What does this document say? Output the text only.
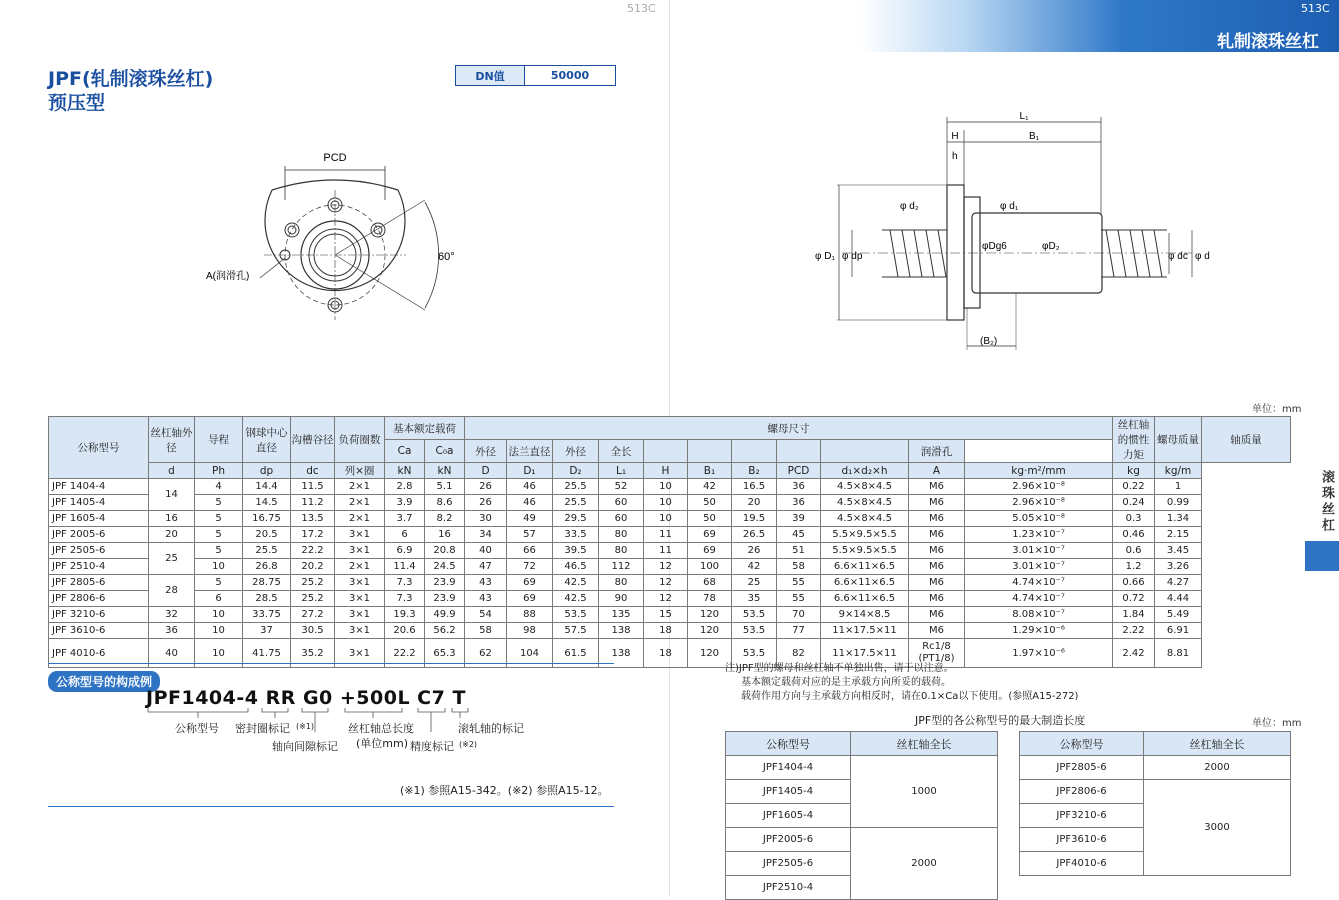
513C	513C
轧制滚珠丝杠
JPF(轧制滚珠丝杠)
预压型
DN值	50000
PCD
60°
A(润滑孔)
L₁
H	B₁
h
φ d₂	φ d₁
φ D₁ φ dp
φDg6	φD₂
φ dc φ d
(B₂)
单位：mm
公称型号	丝杠轴外 径	导程	钢球中心直径	沟槽谷径	负荷圈数	基本额定载荷		螺母尺寸											丝杠轴的惯性力矩	螺母质量	轴质量
						Ca	C₀a	外径	法兰直径	外径	全长						润滑孔				
	d	Ph	dp	dc	列×圈	kN	kN	D	D₁	D₂	L₁	H	B₁	B₂	PCD	d₁×d₂×h	A	kg·m²/mm	kg	kg/m	
JPF 1404-4	14	4	14.4	11.5	2×1	2.8	5.1	26	46	25.5	52	10	42	16.5	36	4.5×8×4.5	M6	2.96×10⁻⁸	0.22	1	
JPF 1405-4		5	14.5	11.2	2×1	3.9	8.6	26	46	25.5	60	10	50	20	36	4.5×8×4.5	M6	2.96×10⁻⁸	0.24	0.99	
JPF 1605-4	16	5	16.75	13.5	2×1	3.7	8.2	30	49	29.5	60	10	50	19.5	39	4.5×8×4.5	M6	5.05×10⁻⁸	0.3	1.34	
JPF 2005-6	20	5	20.5	17.2	3×1	6	16	34	57	33.5	80	11	69	26.5	45	5.5×9.5×5.5	M6	1.23×10⁻⁷	0.46	2.15	
JPF 2505-6	25	5	25.5	22.2	3×1	6.9	20.8	40	66	39.5	80	11	69	26	51	5.5×9.5×5.5	M6	3.01×10⁻⁷	0.6	3.45	
JPF 2510-4		10	26.8	20.2	2×1	11.4	24.5	47	72	46.5	112	12	100	42	58	6.6×11×6.5	M6	3.01×10⁻⁷	1.2	3.26	
JPF 2805-6	28	5	28.75	25.2	3×1	7.3	23.9	43	69	42.5	80	12	68	25	55	6.6×11×6.5	M6	4.74×10⁻⁷	0.66	4.27	
JPF 2806-6		6	28.5	25.2	3×1	7.3	23.9	43	69	42.5	90	12	78	35	55	6.6×11×6.5	M6	4.74×10⁻⁷	0.72	4.44	
JPF 3210-6	32	10	33.75	27.2	3×1	19.3	49.9	54	88	53.5	135	15	120	53.5	70	9×14×8.5	M6	8.08×10⁻⁷	1.84	5.49	
JPF 3610-6	36	10	37	30.5	3×1	20.6	56.2	58	98	57.5	138	18	120	53.5	77	11×17.5×11	M6	1.29×10⁻⁶	2.22	6.91	
JPF 4010-6	40	10	41.75	35.2	3×1	22.2	65.3	62	104	61.5	138	18	120	53.5	82	11×17.5×11	Rc1/8 (PT1/8)	1.97×10⁻⁶	2.42	8.81	
滚珠丝杠
公称型号的构成例
JPF1404-4 RR G0 +500L C7 T
公称型号 密封圈标记 (※1)
轴向间隙标记
丝杠轴总长度
(单位mm) 精度标记 (※2)
滚轧轴的标记
(※1) 参照A15-342。(※2) 参照A15-12。
注)JPF型的螺母和丝杠轴不单独出售，请于以注意。
基本额定载荷对应的是主承载方向所妥的载荷。
载荷作用方向与主承载方向相反时，请在0.1×Ca以下使用。(参照A15-272)
JPF型的各公称型号的最大制造长度	单位：mm
公称型号	丝杠轴全长
JPF1404-4	1000
JPF1405-4	
JPF1605-4	
JPF2005-6	2000
JPF2505-6	
JPF2510-4	
公称型号	丝杠轴全长
JPF2805-6	2000
JPF2806-6	3000
JPF3210-6	
JPF3610-6	
JPF4010-6	
